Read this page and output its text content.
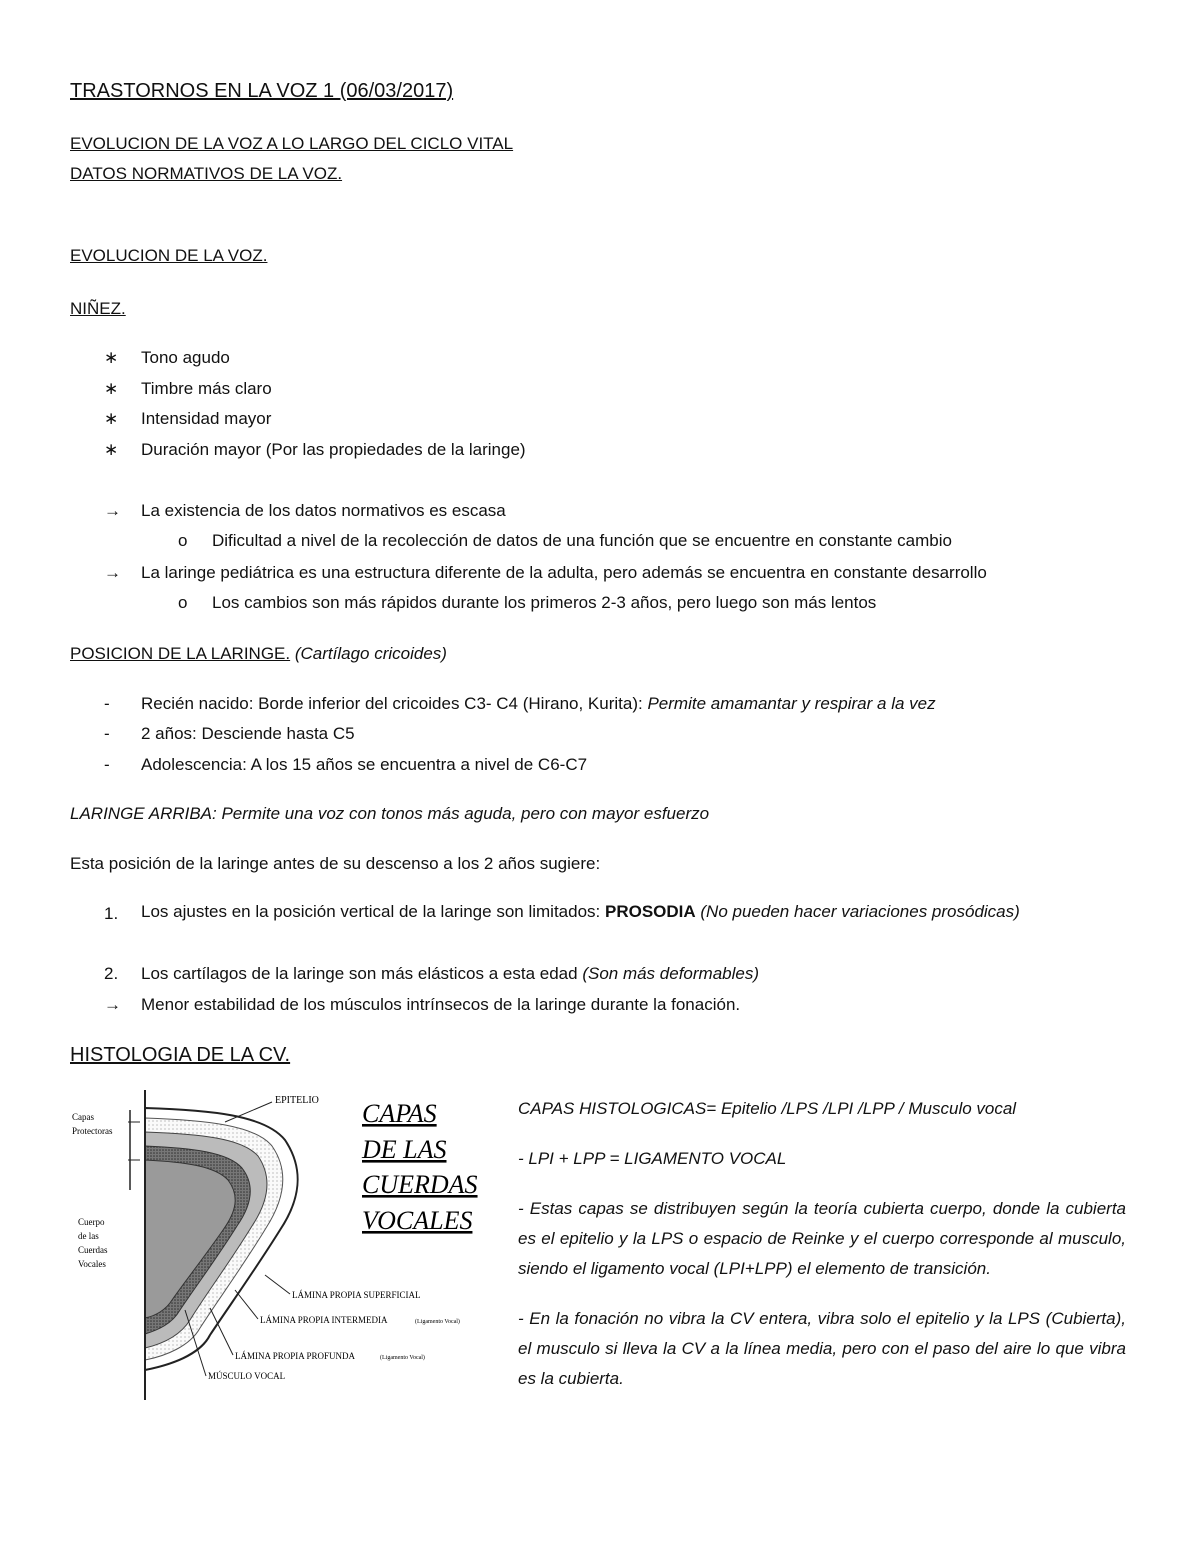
TRASTORNOS EN LA VOZ 1 (06/03/2017)
EVOLUCION DE LA VOZ A LO LARGO DEL CICLO VITAL
DATOS NORMATIVOS DE LA VOZ.
EVOLUCION DE LA VOZ.
NIÑEZ.
∗ Tono agudo
∗ Timbre más claro
∗ Intensidad mayor
∗ Duración mayor (Por las propiedades de la laringe)
→ La existencia de los datos normativos es escasa
o Dificultad a nivel de la recolección de datos de una función que se encuentre en constante cambio
→ La laringe pediátrica es una estructura diferente de la adulta, pero además se encuentra en constante desarrollo
o Los cambios son más rápidos durante los primeros 2-3 años, pero luego son más lentos
POSICION DE LA LARINGE. (Cartílago cricoides)
- Recién nacido: Borde inferior del cricoides C3- C4 (Hirano, Kurita): Permite amamantar y respirar a la vez
- 2 años: Desciende hasta C5
- Adolescencia: A los 15 años se encuentra a nivel de C6-C7
LARINGE ARRIBA: Permite una voz con tonos más aguda, pero con mayor esfuerzo
Esta posición de la laringe antes de su descenso a los 2 años sugiere:
1. Los ajustes en la posición vertical de la laringe son limitados: PROSODIA (No pueden hacer variaciones prosódicas)
2. Los cartílagos de la laringe son más elásticos a esta edad (Son más deformables)
→ Menor estabilidad de los músculos intrínsecos de la laringe durante la fonación.
HISTOLOGIA DE LA CV.
Capas
Protectoras
Cuerpo
de las
Cuerdas
Vocales
EPITELIO CAPAS
DE LAS
CUERDAS
VOCALES
LÁMINA PROPIA SUPERFICIAL
LÁMINA PROPIA INTERMEDIA	(Ligamento Vocal)
LÁMINA PROPIA PROFUNDA	(Ligamento Vocal)
MÚSCULO VOCAL

CAPAS HISTOLOGICAS= Epitelio /LPS /LPI /LPP / Musculo vocal

- LPI + LPP = LIGAMENTO VOCAL

- Estas capas se distribuyen según la teoría cubierta cuerpo, donde la cubierta es el epitelio y la LPS o espacio de Reinke y el cuerpo corresponde al musculo, siendo el ligamento vocal (LPI+LPP) el elemento de transición.

- En la fonación no vibra la CV entera, vibra solo el epitelio y la LPS (Cubierta), el musculo si lleva la CV a la línea media, pero con el paso del aire lo que vibra es la cubierta.
